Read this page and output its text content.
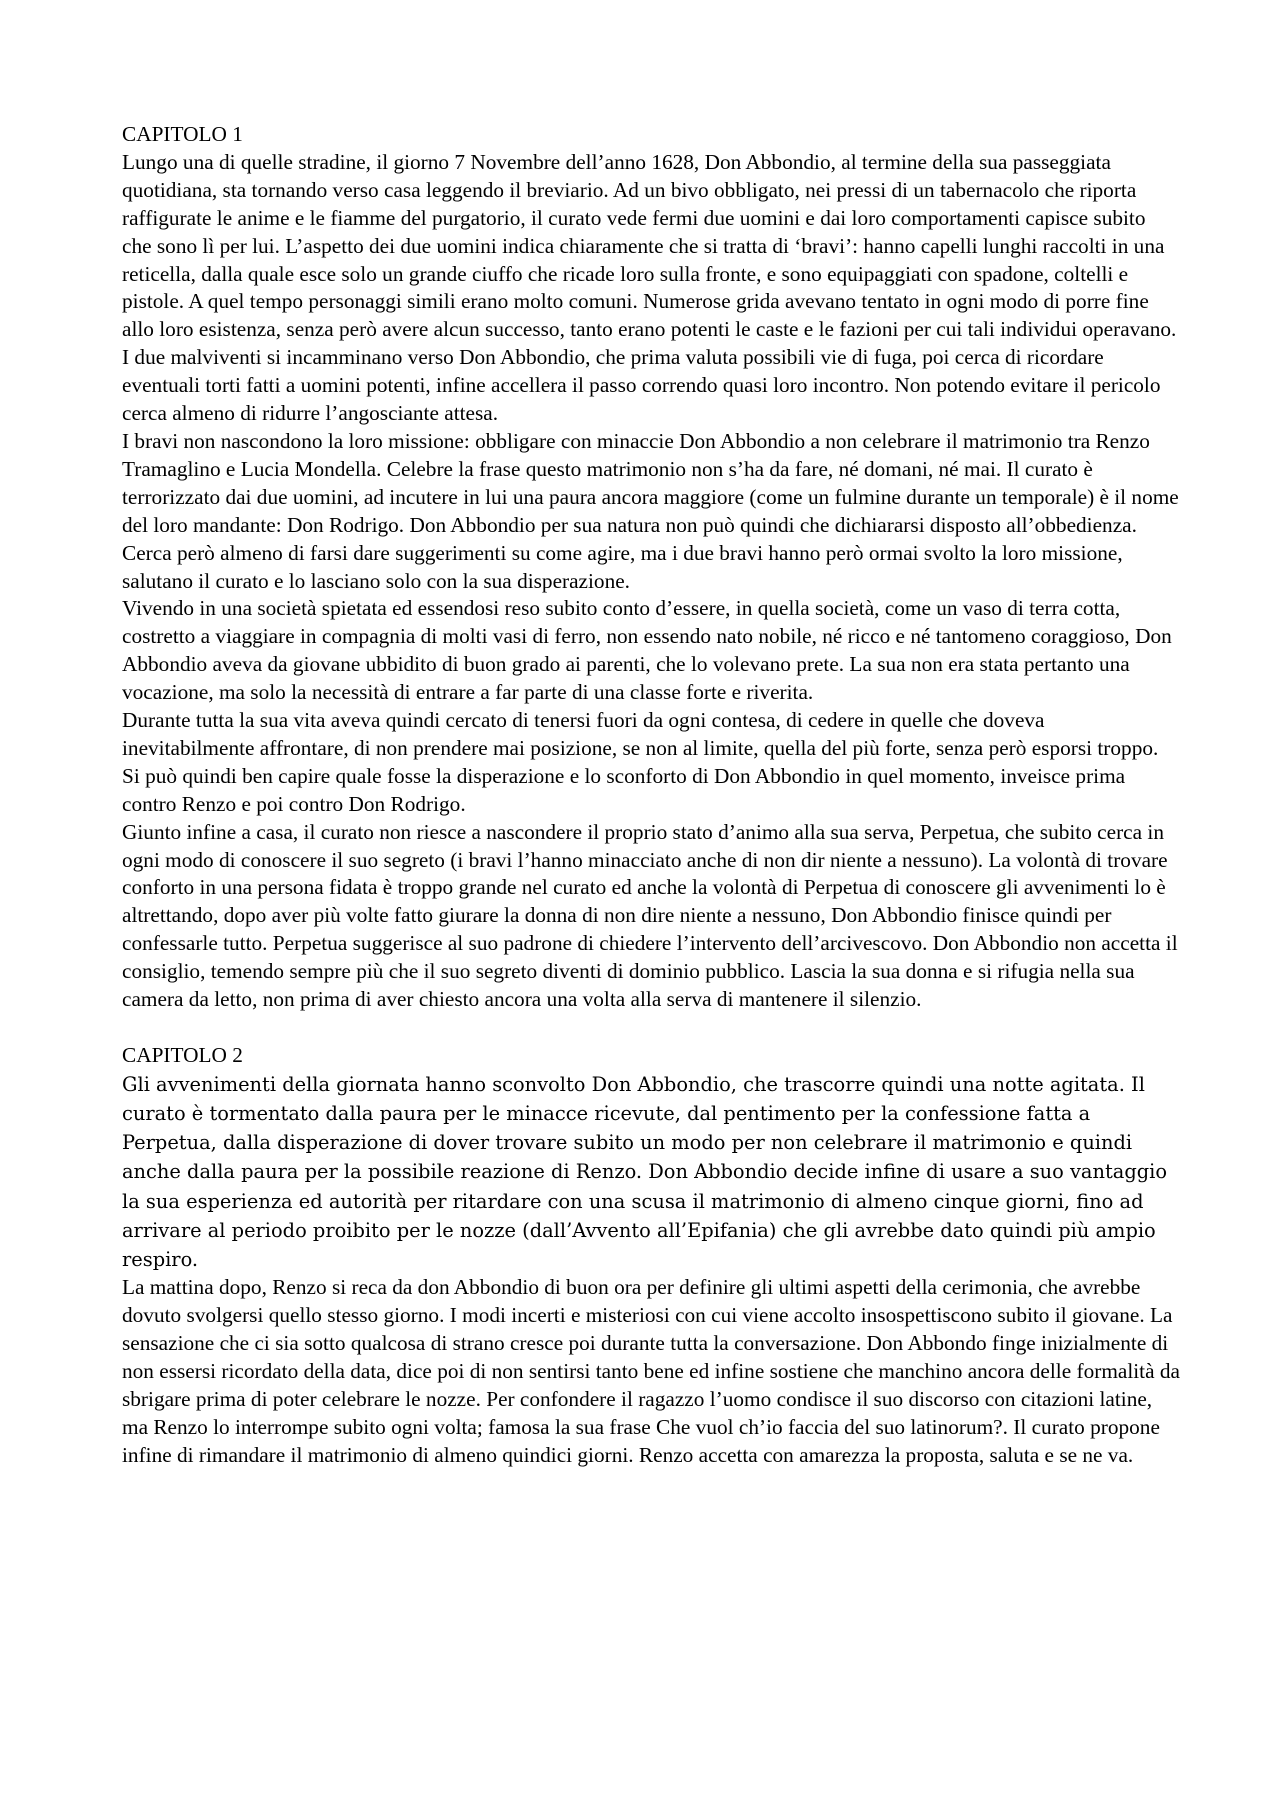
CAPITOLO 1

Lungo una di quelle stradine, il giorno 7 Novembre dell’anno 1628, Don Abbondio, al termine della sua passeggiata quotidiana, sta tornando verso casa leggendo il breviario. Ad un bivo obbligato, nei pressi di un tabernacolo che riporta raffigurate le anime e le fiamme del purgatorio, il curato vede fermi due uomini e dai loro comportamenti capisce subito che sono lì per lui. L’aspetto dei due uomini indica chiaramente che si tratta di ‘bravi’: hanno capelli lunghi raccolti in una reticella, dalla quale esce solo un grande ciuffo che ricade loro sulla fronte, e sono equipaggiati con spadone, coltelli e pistole. A quel tempo personaggi simili erano molto comuni. Numerose grida avevano tentato in ogni modo di porre fine allo loro esistenza, senza però avere alcun successo, tanto erano potenti le caste e le fazioni per cui tali individui operavano.

I due malviventi si incamminano verso Don Abbondio, che prima valuta possibili vie di fuga, poi cerca di ricordare eventuali torti fatti a uomini potenti, infine accellera il passo correndo quasi loro incontro. Non potendo evitare il pericolo cerca almeno di ridurre l’angosciante attesa.

I bravi non nascondono la loro missione: obbligare con minaccie Don Abbondio a non celebrare il matrimonio tra Renzo Tramaglino e Lucia Mondella. Celebre la frase questo matrimonio non s’ha da fare, né domani, né mai. Il curato è terrorizzato dai due uomini, ad incutere in lui una paura ancora maggiore (come un fulmine durante un temporale) è il nome del loro mandante: Don Rodrigo. Don Abbondio per sua natura non può quindi che dichiararsi disposto all’obbedienza. Cerca però almeno di farsi dare suggerimenti su come agire, ma i due bravi hanno però ormai svolto la loro missione, salutano il curato e lo lasciano solo con la sua disperazione.

Vivendo in una società spietata ed essendosi reso subito conto d’essere, in quella società, come un vaso di terra cotta, costretto a viaggiare in compagnia di molti vasi di ferro, non essendo nato nobile, né ricco e né tantomeno coraggioso, Don Abbondio aveva da giovane ubbidito di buon grado ai parenti, che lo volevano prete. La sua non era stata pertanto una vocazione, ma solo la necessità di entrare a far parte di una classe forte e riverita.

Durante tutta la sua vita aveva quindi cercato di tenersi fuori da ogni contesa, di cedere in quelle che doveva inevitabilmente affrontare, di non prendere mai posizione, se non al limite, quella del più forte, senza però esporsi troppo. Si può quindi ben capire quale fosse la disperazione e lo sconforto di Don Abbondio in quel momento, inveisce prima contro Renzo e poi contro Don Rodrigo.

Giunto infine a casa, il curato non riesce a nascondere il proprio stato d’animo alla sua serva, Perpetua, che subito cerca in ogni modo di conoscere il suo segreto (i bravi l’hanno minacciato anche di non dir niente a nessuno). La volontà di trovare conforto in una persona fidata è troppo grande nel curato ed anche la volontà di Perpetua di conoscere gli avvenimenti lo è altrettando, dopo aver più volte fatto giurare la donna di non dire niente a nessuno, Don Abbondio finisce quindi per confessarle tutto. Perpetua suggerisce al suo padrone di chiedere l’intervento dell’arcivescovo. Don Abbondio non accetta il consiglio, temendo sempre più che il suo segreto diventi di dominio pubblico. Lascia la sua donna e si rifugia nella sua camera da letto, non prima di aver chiesto ancora una volta alla serva di mantenere il silenzio.

CAPITOLO 2

Gli avvenimenti della giornata hanno sconvolto Don Abbondio, che trascorre quindi una notte agitata. Il curato è tormentato dalla paura per le minacce ricevute, dal pentimento per la confessione fatta a Perpetua, dalla disperazione di dover trovare subito un modo per non celebrare il matrimonio e quindi anche dalla paura per la possibile reazione di Renzo. Don Abbondio decide infine di usare a suo vantaggio la sua esperienza ed autorità per ritardare con una scusa il matrimonio di almeno cinque giorni, fino ad arrivare al periodo proibito per le nozze (dall’Avvento all’Epifania) che gli avrebbe dato quindi più ampio respiro.

La mattina dopo, Renzo si reca da don Abbondio di buon ora per definire gli ultimi aspetti della cerimonia, che avrebbe dovuto svolgersi quello stesso giorno. I modi incerti e misteriosi con cui viene accolto insospettiscono subito il giovane. La sensazione che ci sia sotto qualcosa di strano cresce poi durante tutta la conversazione. Don Abbondo finge inizialmente di non essersi ricordato della data, dice poi di non sentirsi tanto bene ed infine sostiene che manchino ancora delle formalità da sbrigare prima di poter celebrare le nozze. Per confondere il ragazzo l’uomo condisce il suo discorso con citazioni latine, ma Renzo lo interrompe subito ogni volta; famosa la sua frase Che vuol ch’io faccia del suo latinorum?. Il curato propone infine di rimandare il matrimonio di almeno quindici giorni. Renzo accetta con amarezza la proposta, saluta e se ne va.
